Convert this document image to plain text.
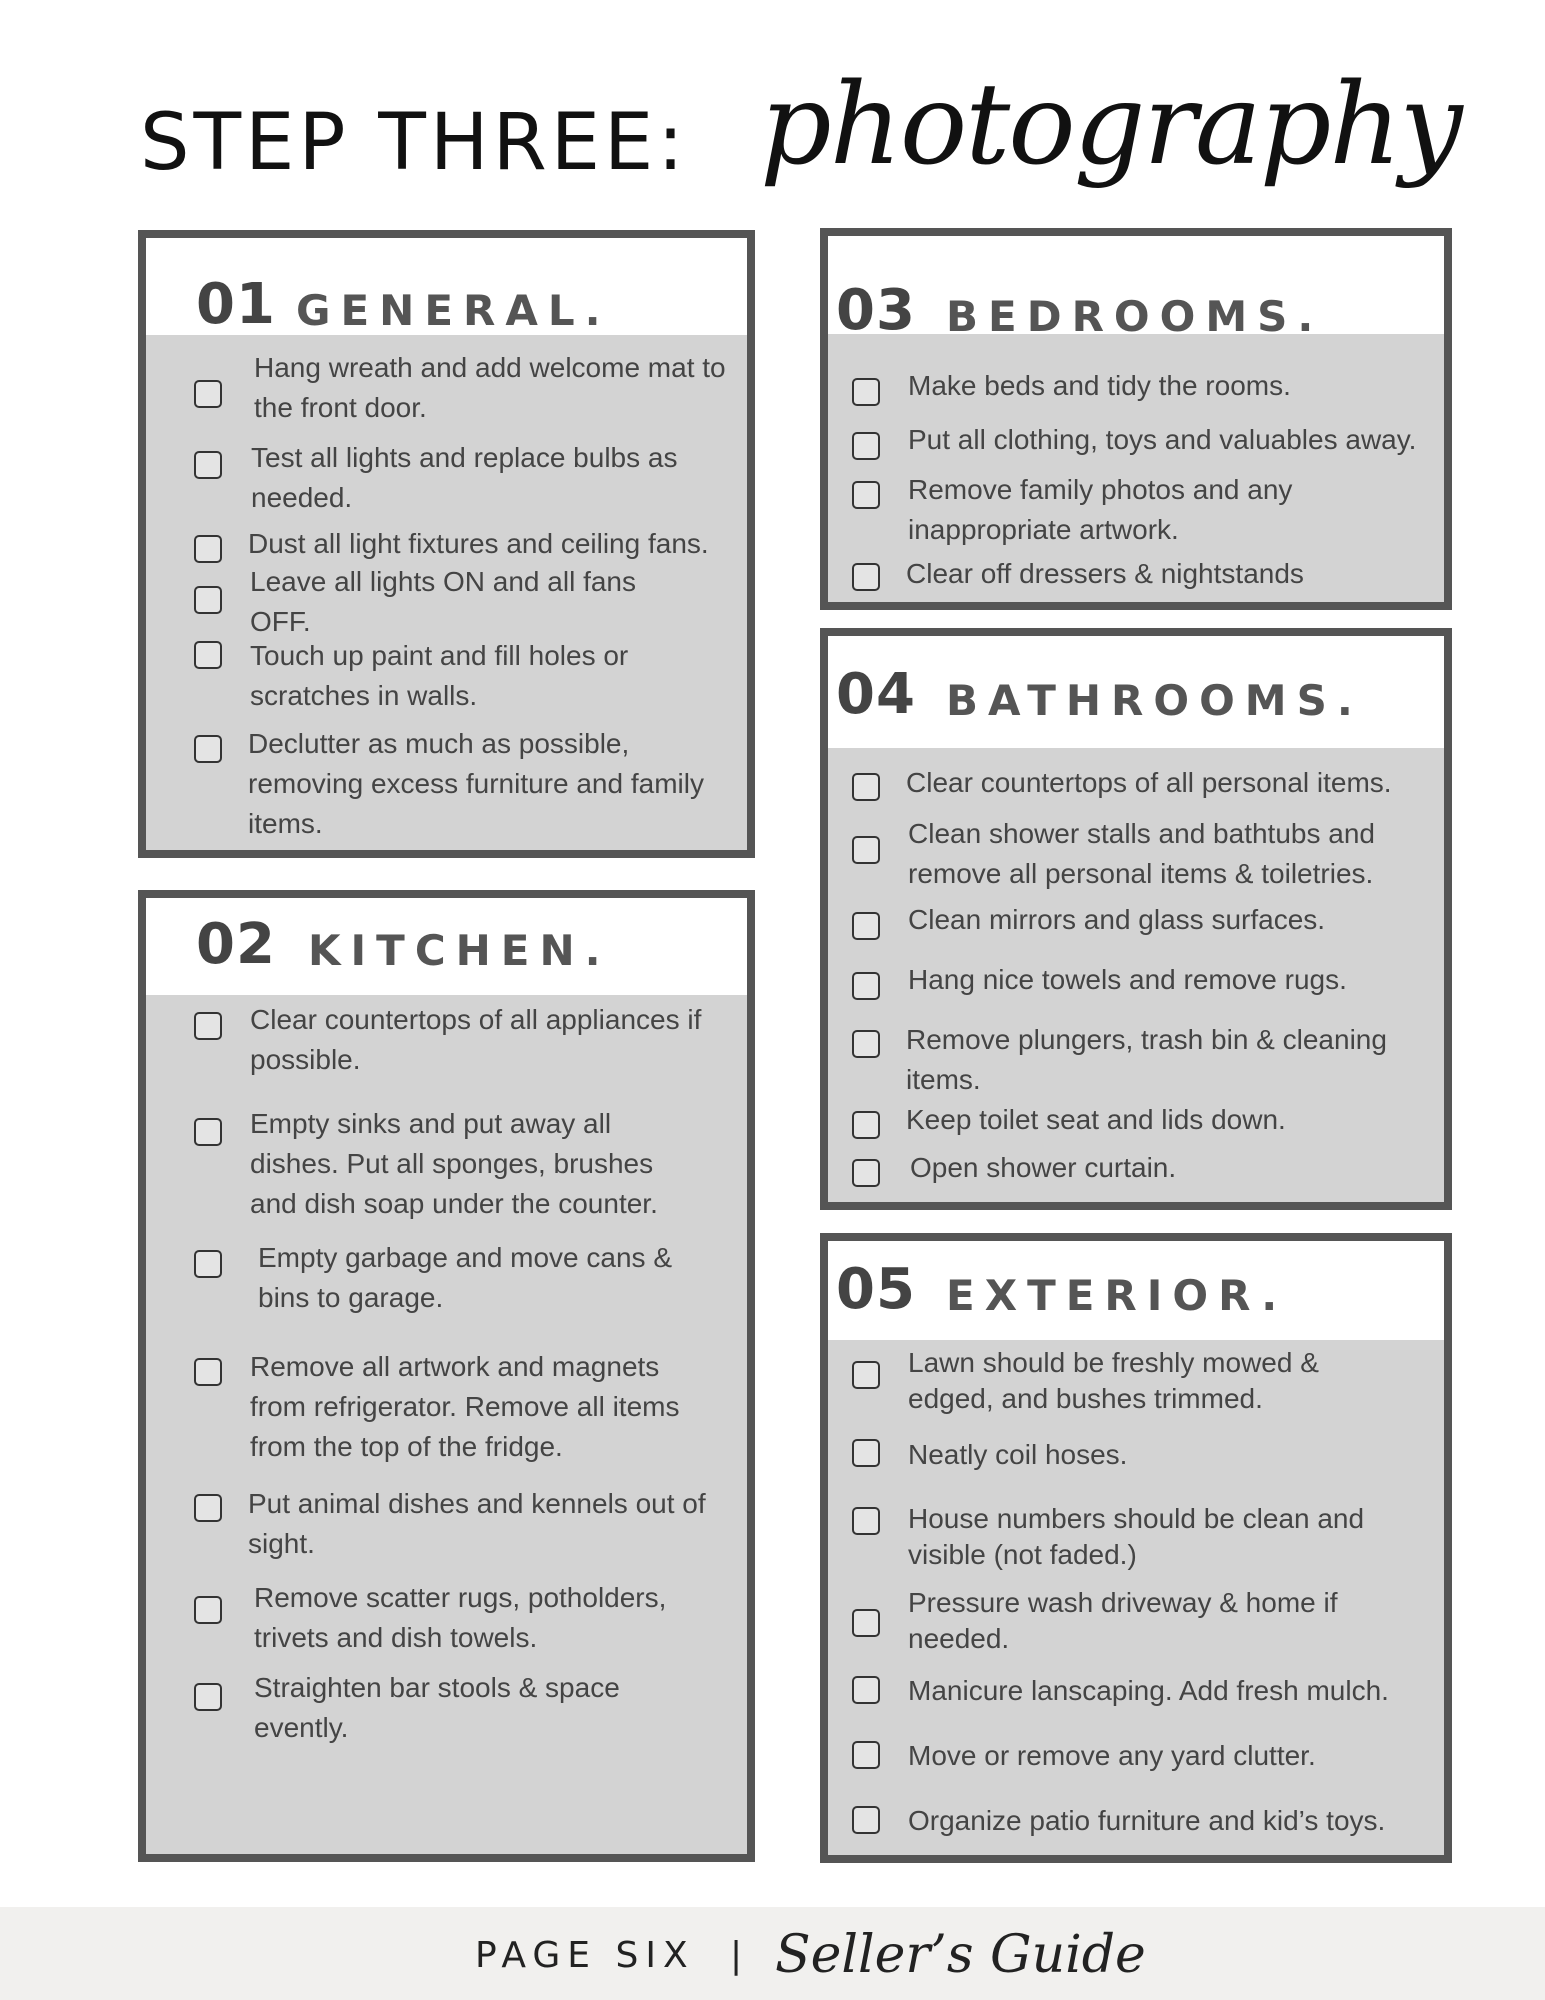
STEP THREE: photography
01 GENERAL.
Hang wreath and add welcome mat to the front door.
Test all lights and replace bulbs as needed.
Dust all light fixtures and ceiling fans.
Leave all lights ON and all fans OFF.
Touch up paint and fill holes or scratches in walls.
Declutter as much as possible, removing excess furniture and family items.
02 KITCHEN.
Clear countertops of all appliances if possible.
Empty sinks and put away all dishes. Put all sponges, brushes and dish soap under the counter.
Empty garbage and move cans & bins to garage.
Remove all artwork and magnets from refrigerator. Remove all items from the top of the fridge.
Put animal dishes and kennels out of sight.
Remove scatter rugs, potholders, trivets and dish towels.
Straighten bar stools & space evently.
03 BEDROOMS.
Make beds and tidy the rooms.
Put all clothing, toys and valuables away.
Remove family photos and any inappropriate artwork.
Clear off dressers & nightstands
04 BATHROOMS.
Clear countertops of all personal items.
Clean shower stalls and bathtubs and remove all personal items & toiletries.
Clean mirrors and glass surfaces.
Hang nice towels and remove rugs.
Remove plungers, trash bin & cleaning items.
Keep toilet seat and lids down.
Open shower curtain.
05 EXTERIOR.
Lawn should be freshly mowed & edged, and bushes trimmed.
Neatly coil hoses.
House numbers should be clean and visible (not faded.)
Pressure wash driveway & home if needed.
Manicure lanscaping. Add fresh mulch.
Move or remove any yard clutter.
Organize patio furniture and kid’s toys.
PAGE SIX | Seller’s Guide
